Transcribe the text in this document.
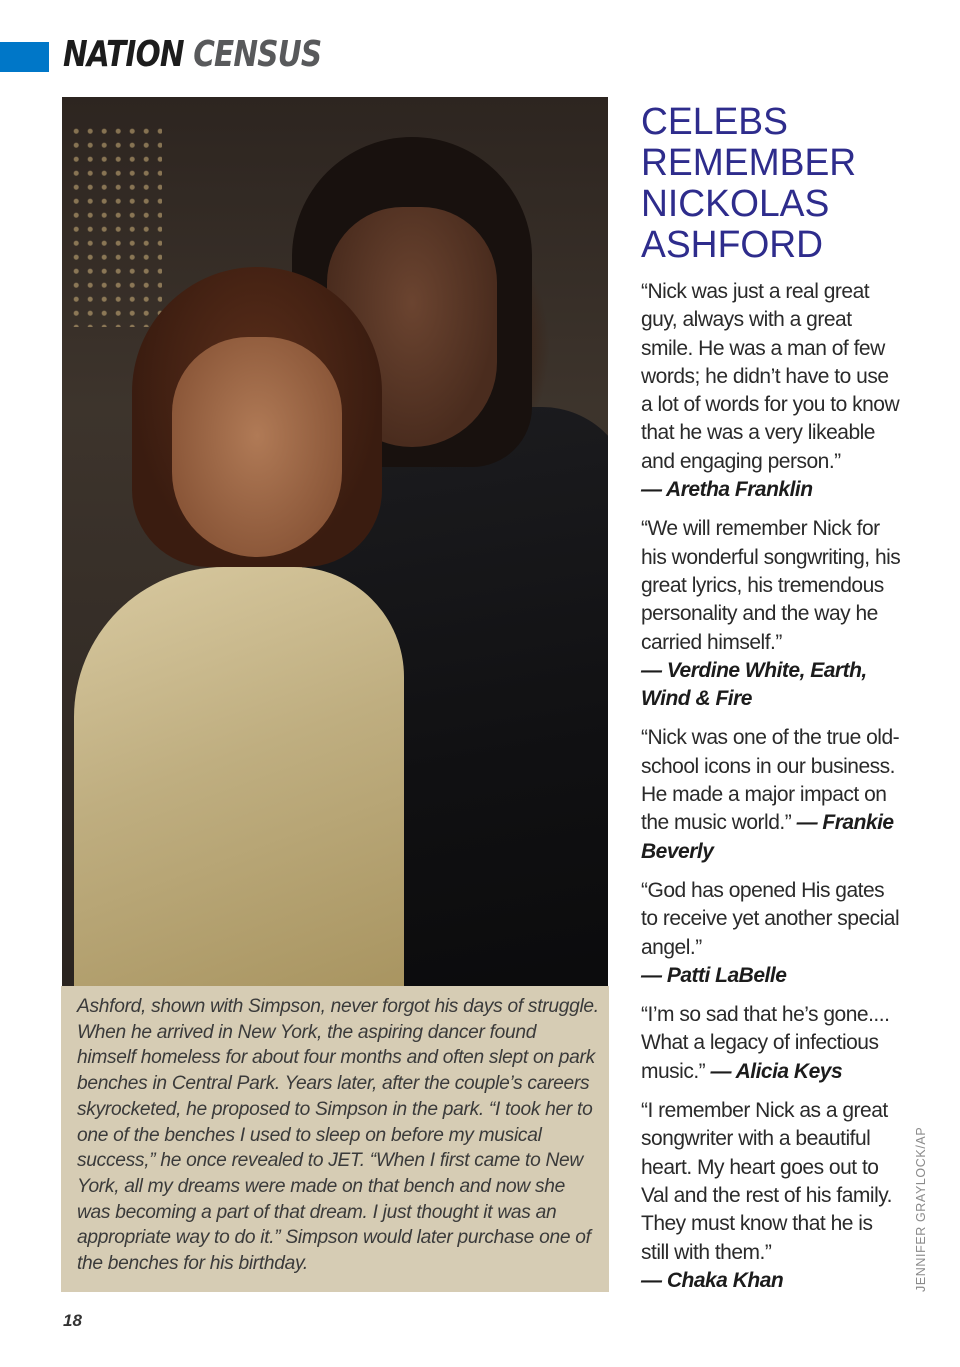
NATION CENSUS
Ashford, shown with Simpson, never forgot his days of struggle. When he arrived in New York, the aspiring dancer found himself homeless for about four months and often slept on park benches in Central Park. Years later, after the couple’s careers skyrocketed, he proposed to Simpson in the park. “I took her to one of the benches I used to sleep on before my musical success,” he once revealed to JET. “When I first came to New York, all my dreams were made on that bench and now she was becoming a part of that dream. I just thought it was an appropriate way to do it.” Simpson would later purchase one of the benches for his birthday.
CELEBS REMEMBER NICKOLAS ASHFORD

“Nick was just a real great guy, always with a great smile. He was a man of few words; he didn’t have to use a lot of words for you to know that he was a very likeable and engaging person.”
— Aretha Franklin

“We will remember Nick for his wonderful songwriting, his great lyrics, his tremendous personality and the way he carried himself.”
— Verdine White, Earth, Wind & Fire

“Nick was one of the true old-school icons in our business. He made a major impact on the music world.” — Frankie Beverly

“God has opened His gates to receive yet another special angel.”
— Patti LaBelle

“I’m so sad that he’s gone.... What a legacy of infectious music.” — Alicia Keys

“I remember Nick as a great songwriter with a beautiful heart. My heart goes out to Val and the rest of his family. They must know that he is still with them.”
— Chaka Khan	JENNIFER GRAYLOCK/AP
18
